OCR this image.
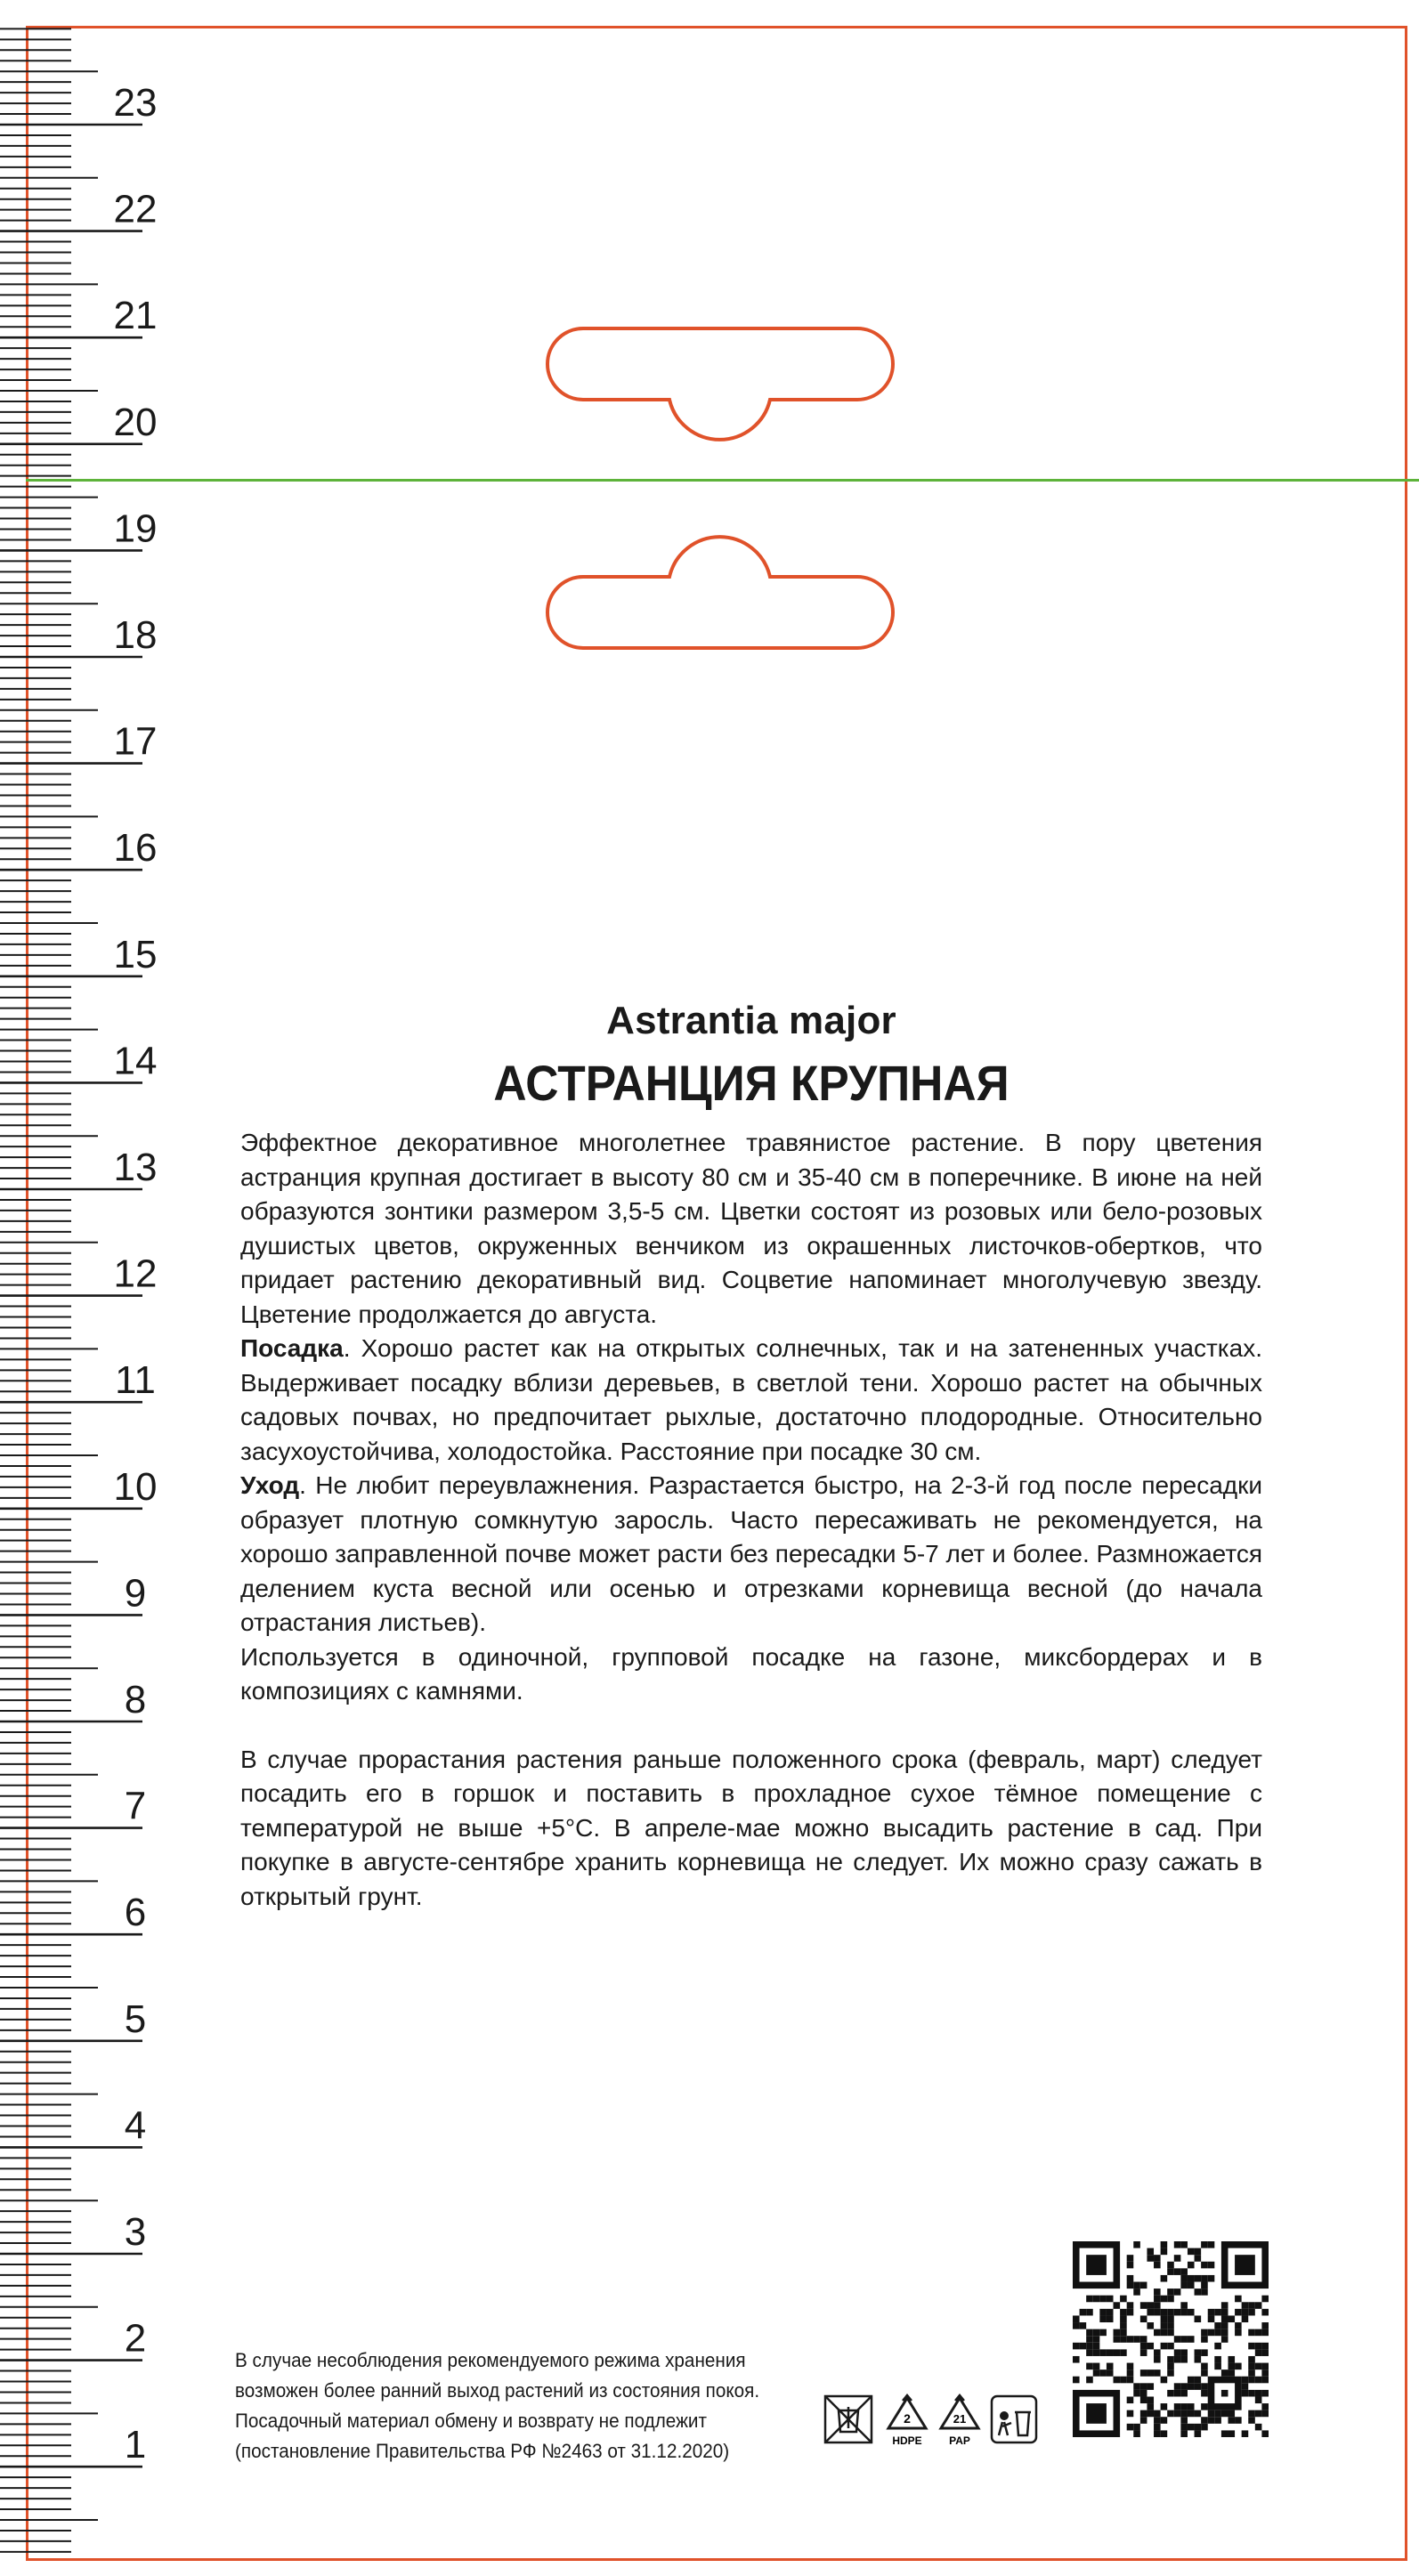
23
22
21
20
19
18
17
16
15
14
13
12
11
10
9
8
7
6
5
4
3
2
1
Astrantia major
АСТРАНЦИЯ КРУПНАЯ

Эффектное декоративное многолетнее травянистое растение. В пору цветения астранция крупная достигает в высоту 80 см и 35-40 см в поперечнике. В июне на ней образуются зонтики размером 3,5-5 см. Цветки состоят из розовых или бело-розовых душистых цветов, окруженных венчиком из окрашенных листочков-обертков, что придает растению декоративный вид. Соцветие напоминает многолучевую звезду. Цветение продолжается до августа.

Посадка. Хорошо растет как на открытых солнечных, так и на затененных участках. Выдерживает посадку вблизи деревьев, в светлой тени. Хорошо растет на обычных садовых почвах, но предпочитает рыхлые, достаточно плодородные. Относительно засухоустойчива, холодостойка. Расстояние при посадке 30 см.

Уход. Не любит переувлажнения. Разрастается быстро, на 2-3-й год после пересадки образует плотную сомкнутую заросль. Часто пересаживать не рекомендуется, на хорошо заправленной почве может расти без пересадки 5-7 лет и более. Размножается делением куста весной или осенью и отрезками корневища весной (до начала отрастания листьев).

Используется в одиночной, групповой посадке на газоне, миксбордерах и в композициях с камнями.

В случае прорастания растения раньше положенного срока (февраль, март) следует посадить его в горшок и поставить в прохладное сухое тёмное помещение с температурой не выше +5°С. В апреле-мае можно высадить растение в сад. При покупке в августе-сентябре хранить корневища не следует. Их можно сразу сажать в открытый грунт.

В случае несоблюдения рекомендуемого режима хранения
возможен более ранний выход растений из состояния покоя.
Посадочный материал обмену и возврату не подлежит
(постановление Правительства РФ №2463 от 31.12.2020)
2
HDPE
21
PAP
